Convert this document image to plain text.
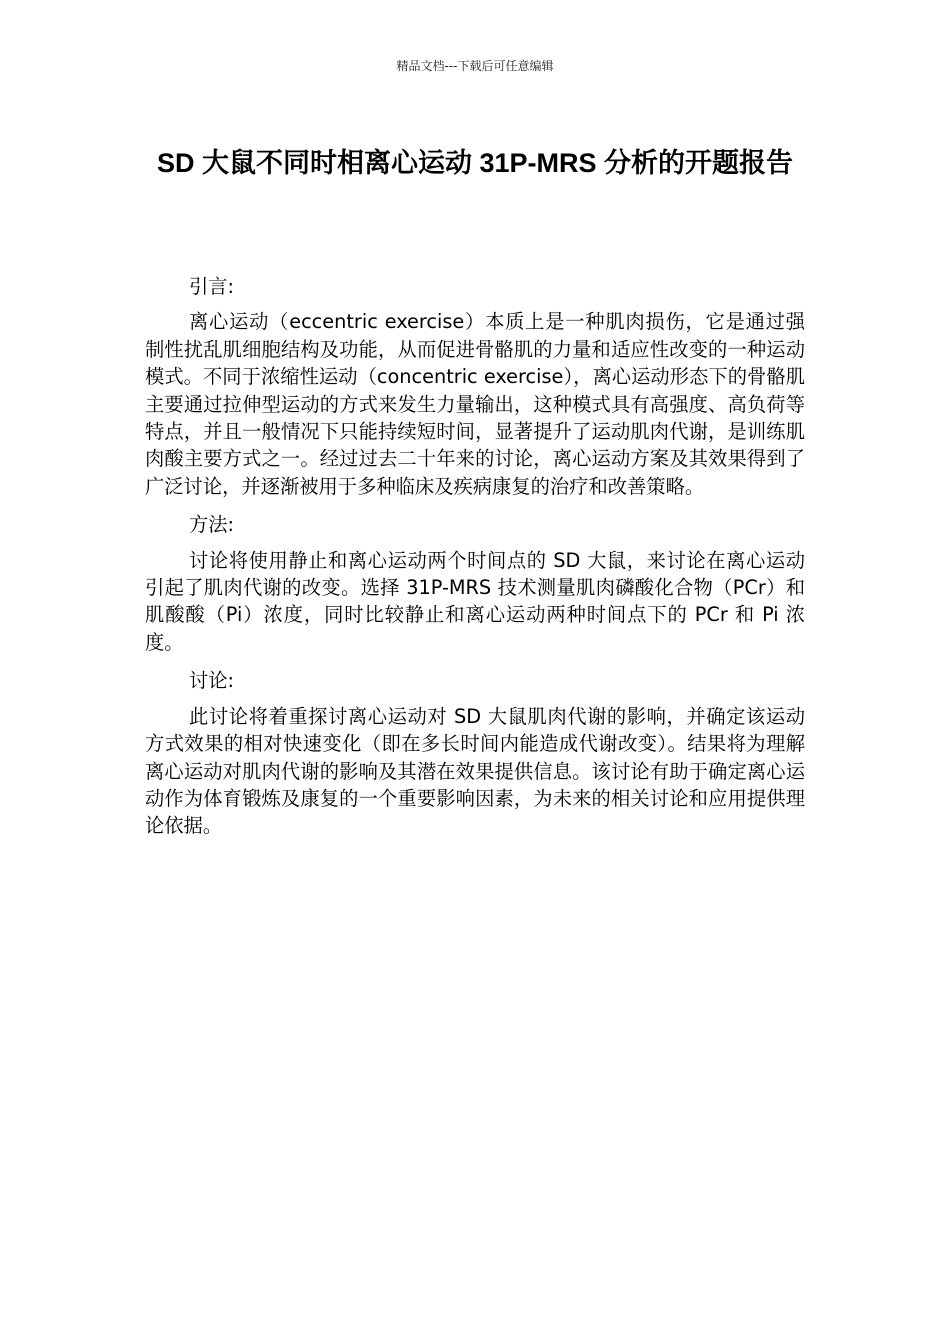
精品文档---下载后可任意编辑
SD 大鼠不同时相离心运动 31P-MRS 分析的开题报告

引言:

离心运动（eccentric exercise）本质上是一种肌肉损伤，它是通过强制性扰乱肌细胞结构及功能，从而促进骨骼肌的力量和适应性改变的一种运动模式。不同于浓缩性运动（concentric exercise），离心运动形态下的骨骼肌主要通过拉伸型运动的方式来发生力量输出，这种模式具有高强度、高负荷等特点，并且一般情况下只能持续短时间，显著提升了运动肌肉代谢，是训练肌肉酸主要方式之一。经过过去二十年来的讨论，离心运动方案及其效果得到了广泛讨论，并逐渐被用于多种临床及疾病康复的治疗和改善策略。

方法:

讨论将使用静止和离心运动两个时间点的 SD 大鼠，来讨论在离心运动引起了肌肉代谢的改变。选择 31P-MRS 技术测量肌肉磷酸化合物（PCr）和肌酸酸（Pi）浓度，同时比较静止和离心运动两种时间点下的 PCr 和 Pi 浓度。

讨论:

此讨论将着重探讨离心运动对 SD 大鼠肌肉代谢的影响，并确定该运动方式效果的相对快速变化（即在多长时间内能造成代谢改变）。结果将为理解离心运动对肌肉代谢的影响及其潜在效果提供信息。该讨论有助于确定离心运动作为体育锻炼及康复的一个重要影响因素，为未来的相关讨论和应用提供理论依据。
